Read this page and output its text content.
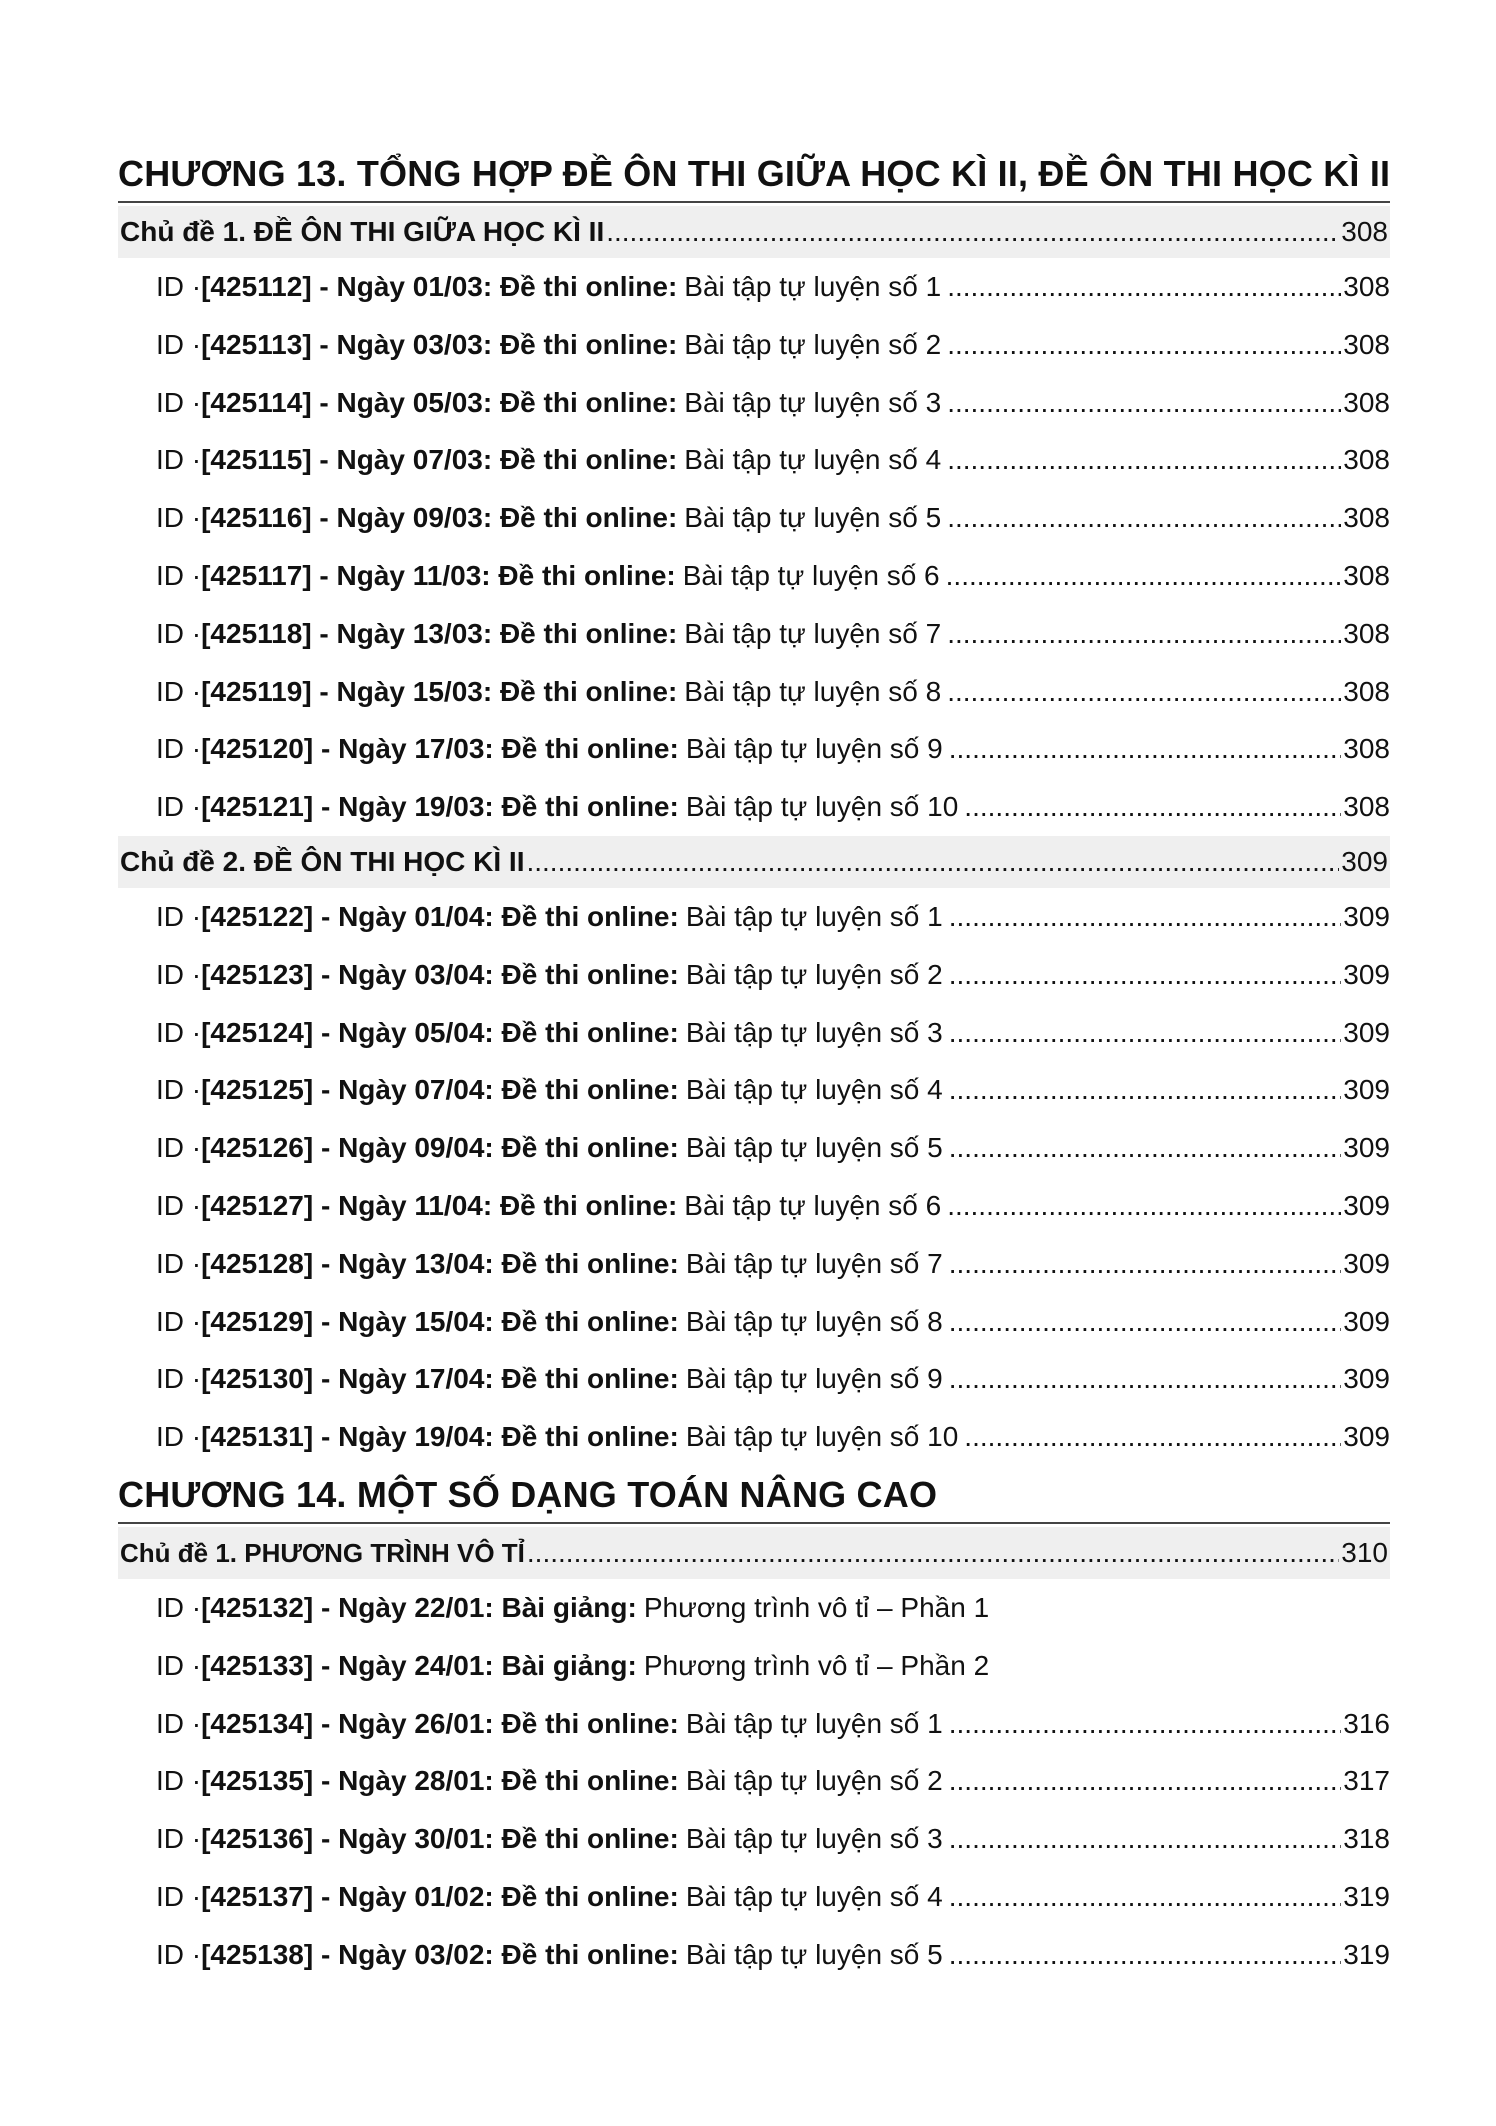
CHƯƠNG 13. TỔNG HỢP ĐỀ ÔN THI GIỮA HỌC KÌ II, ĐỀ ÔN THI HỌC KÌ II
Chủ đề 1. ĐỀ ÔN THI GIỮA HỌC KÌ II .....	308
ID · [425112] - Ngày 01/03: Đề thi online: Bài tập tự luyện số 1 .....	308
ID · [425113] - Ngày 03/03: Đề thi online: Bài tập tự luyện số 2 .....	308
ID · [425114] - Ngày 05/03: Đề thi online: Bài tập tự luyện số 3 .....	308
ID · [425115] - Ngày 07/03: Đề thi online: Bài tập tự luyện số 4 .....	308
ID · [425116] - Ngày 09/03: Đề thi online: Bài tập tự luyện số 5 .....	308
ID · [425117] - Ngày 11/03: Đề thi online: Bài tập tự luyện số 6 .....	308
ID · [425118] - Ngày 13/03: Đề thi online: Bài tập tự luyện số 7 .....	308
ID · [425119] - Ngày 15/03: Đề thi online: Bài tập tự luyện số 8 .....	308
ID · [425120] - Ngày 17/03: Đề thi online: Bài tập tự luyện số 9 .....	308
ID · [425121] - Ngày 19/03: Đề thi online: Bài tập tự luyện số 10 .....	308
Chủ đề 2. ĐỀ ÔN THI HỌC KÌ II .....	309
ID · [425122] - Ngày 01/04: Đề thi online: Bài tập tự luyện số 1 .....	309
ID · [425123] - Ngày 03/04: Đề thi online: Bài tập tự luyện số 2 .....	309
ID · [425124] - Ngày 05/04: Đề thi online: Bài tập tự luyện số 3 .....	309
ID · [425125] - Ngày 07/04: Đề thi online: Bài tập tự luyện số 4 .....	309
ID · [425126] - Ngày 09/04: Đề thi online: Bài tập tự luyện số 5 .....	309
ID · [425127] - Ngày 11/04: Đề thi online: Bài tập tự luyện số 6 .....	309
ID · [425128] - Ngày 13/04: Đề thi online: Bài tập tự luyện số 7 .....	309
ID · [425129] - Ngày 15/04: Đề thi online: Bài tập tự luyện số 8 .....	309
ID · [425130] - Ngày 17/04: Đề thi online: Bài tập tự luyện số 9 .....	309
ID · [425131] - Ngày 19/04: Đề thi online: Bài tập tự luyện số 10 .....	309
CHƯƠNG 14. MỘT SỐ DẠNG TOÁN NÂNG CAO
Chủ đề 1. PHƯƠNG TRÌNH VÔ TỈ .....	310
ID · [425132] - Ngày 22/01: Bài giảng: Phương trình vô tỉ – Phần 1
ID · [425133] - Ngày 24/01: Bài giảng: Phương trình vô tỉ – Phần 2
ID · [425134] - Ngày 26/01: Đề thi online: Bài tập tự luyện số 1 .....	316
ID · [425135] - Ngày 28/01: Đề thi online: Bài tập tự luyện số 2 .....	317
ID · [425136] - Ngày 30/01: Đề thi online: Bài tập tự luyện số 3 .....	318
ID · [425137] - Ngày 01/02: Đề thi online: Bài tập tự luyện số 4 .....	319
ID · [425138] - Ngày 03/02: Đề thi online: Bài tập tự luyện số 5 .....	319
